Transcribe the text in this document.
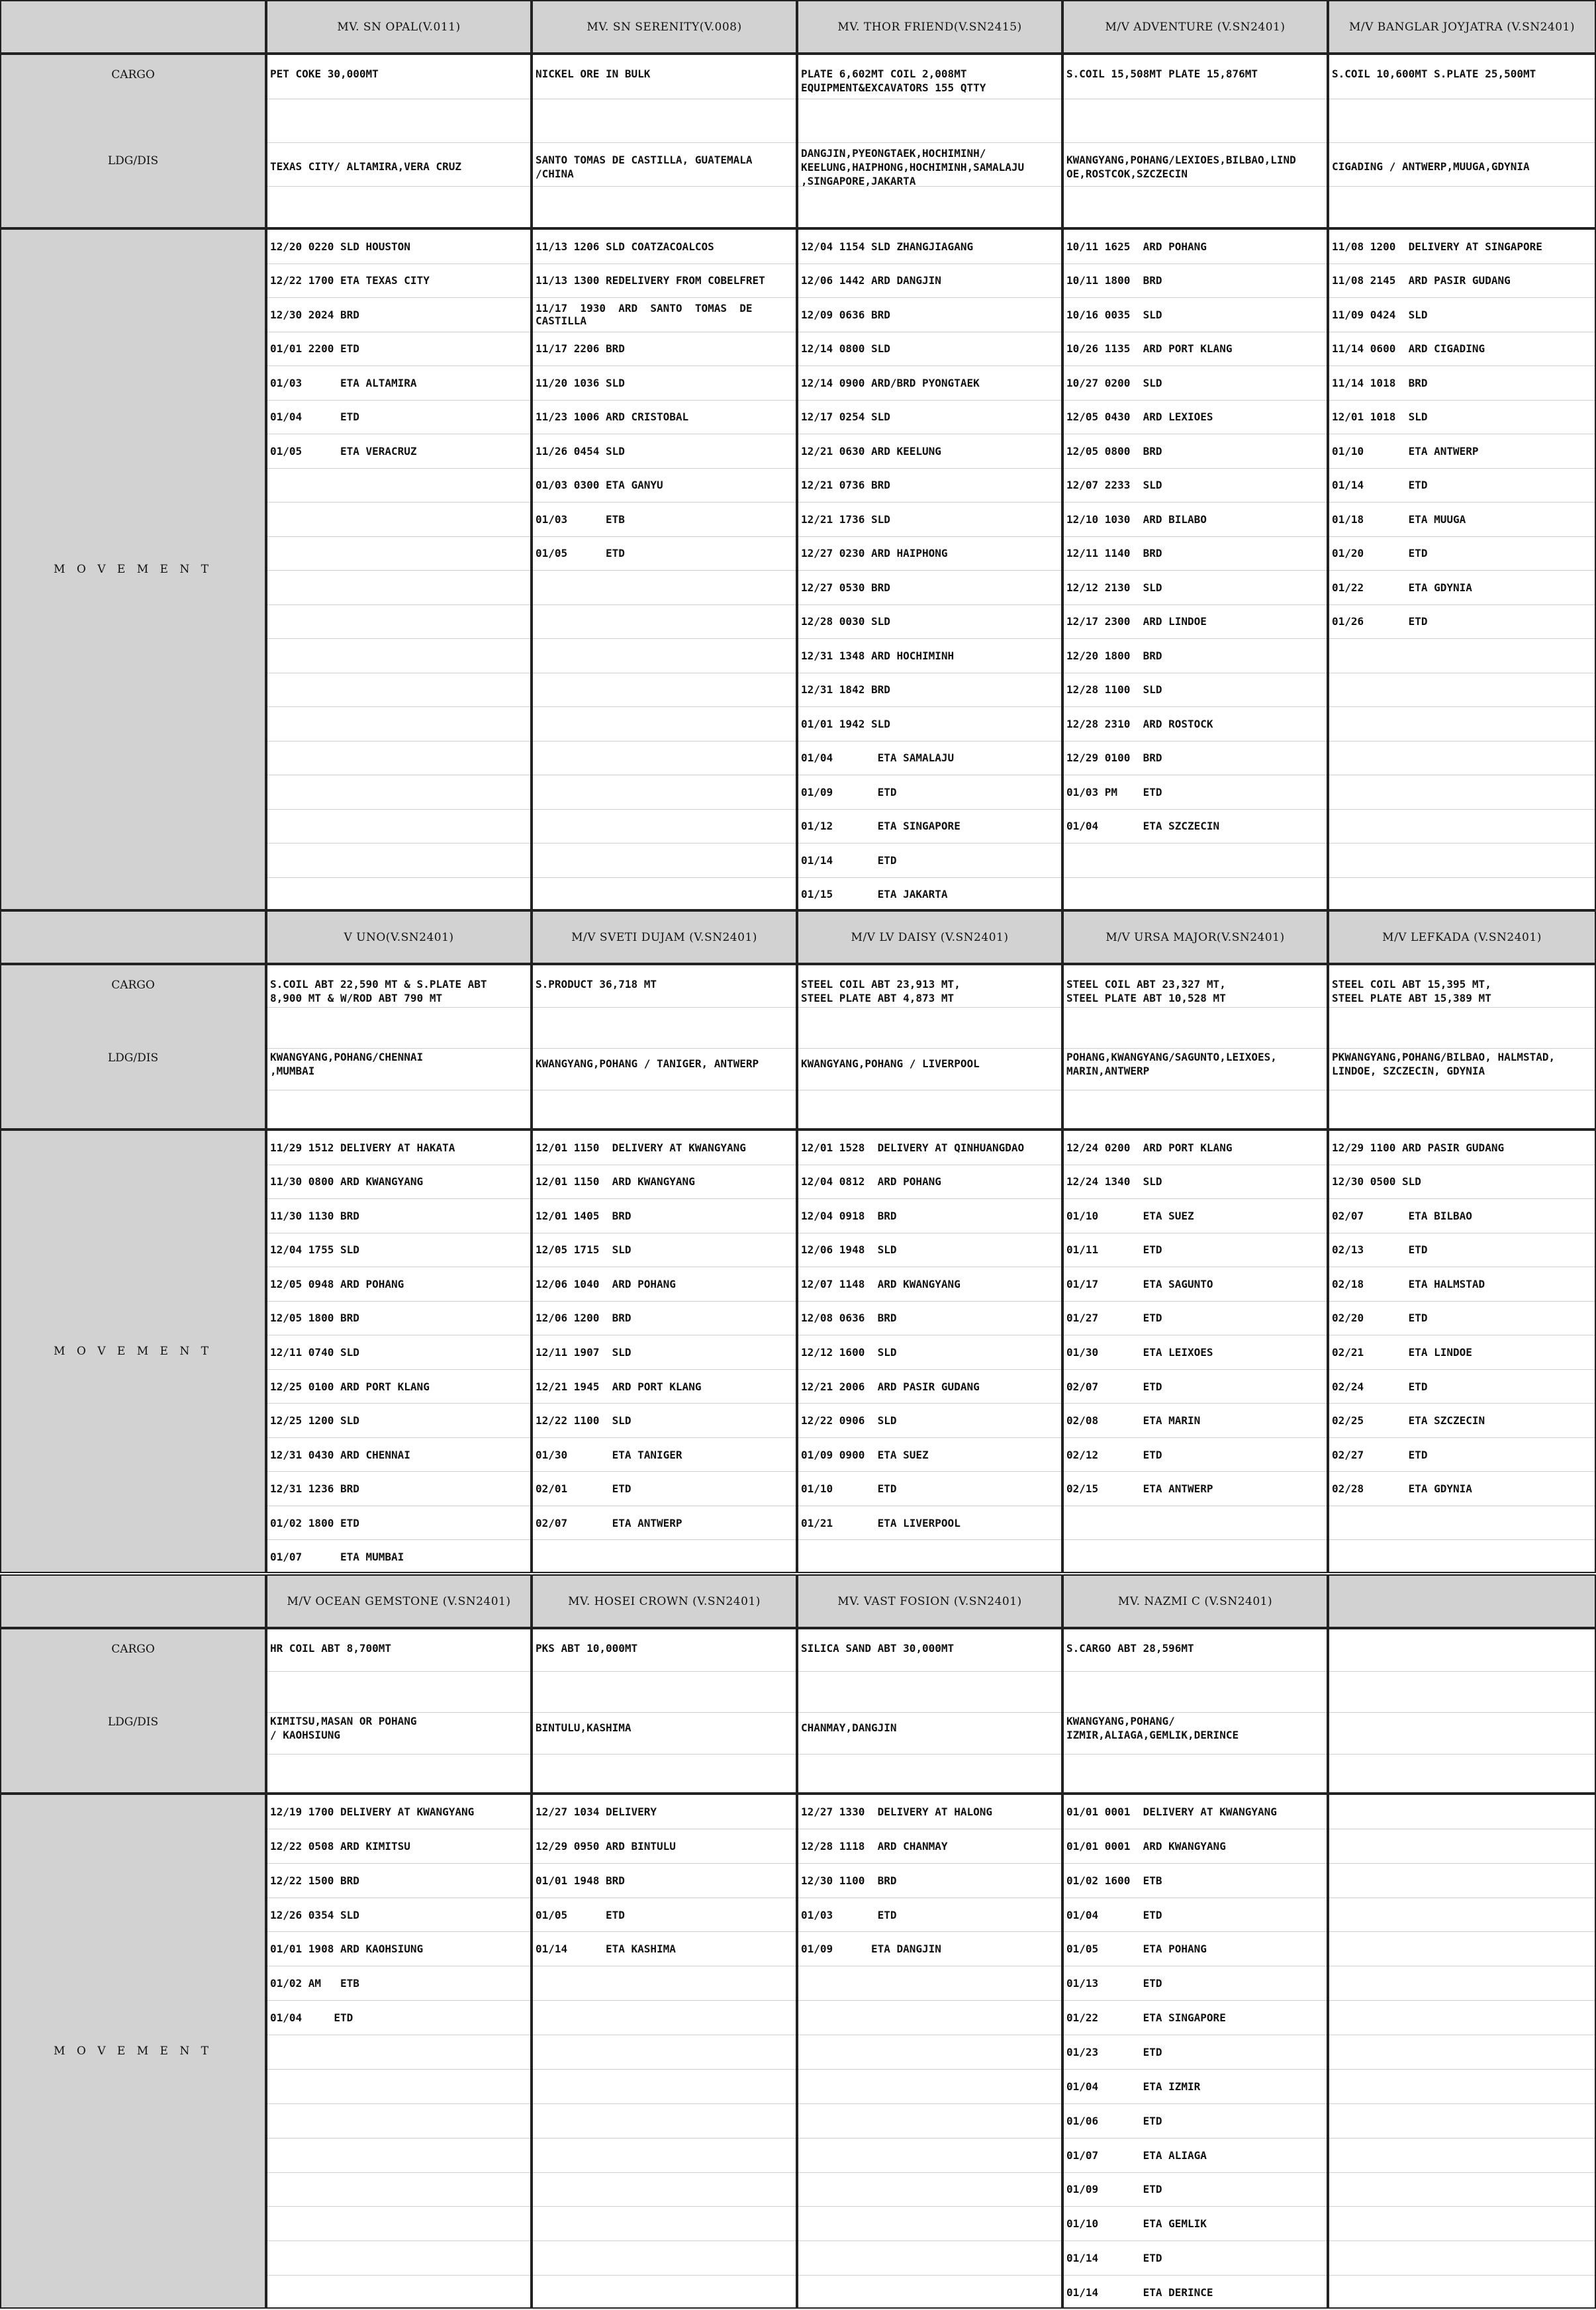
CARGO
LDG/DIS
M O V E M E N T
MV. SN OPAL(V.011)
PET COKE 30,000MT
TEXAS CITY/ ALTAMIRA,VERA CRUZ
12/20 0220 SLD HOUSTON
12/22 1700 ETA TEXAS CITY
12/30 2024 BRD
01/01 2200 ETD
01/03      ETA ALTAMIRA
01/04      ETD
01/05      ETA VERACRUZ
MV. SN SERENITY(V.008)
NICKEL ORE IN BULK
SANTO TOMAS DE CASTILLA, GUATEMALA
/CHINA
11/13 1206 SLD COATZACOALCOS
11/13 1300 REDELIVERY FROM COBELFRET
11/17  1930  ARD  SANTO  TOMAS  DE
CASTILLA
11/17 2206 BRD
11/20 1036 SLD
11/23 1006 ARD CRISTOBAL
11/26 0454 SLD
01/03 0300 ETA GANYU
01/03      ETB
01/05      ETD
MV. THOR FRIEND(V.SN2415)
PLATE 6,602MT COIL 2,008MT
EQUIPMENT&EXCAVATORS 155 QTTY
DANGJIN,PYEONGTAEK,HOCHIMINH/
KEELUNG,HAIPHONG,HOCHIMINH,SAMALAJU
,SINGAPORE,JAKARTA
12/04 1154 SLD ZHANGJIAGANG
12/06 1442 ARD DANGJIN
12/09 0636 BRD
12/14 0800 SLD
12/14 0900 ARD/BRD PYONGTAEK
12/17 0254 SLD
12/21 0630 ARD KEELUNG
12/21 0736 BRD
12/21 1736 SLD
12/27 0230 ARD HAIPHONG
12/27 0530 BRD
12/28 0030 SLD
12/31 1348 ARD HOCHIMINH
12/31 1842 BRD
01/01 1942 SLD
01/04       ETA SAMALAJU
01/09       ETD
01/12       ETA SINGAPORE
01/14       ETD
01/15       ETA JAKARTA
M/V ADVENTURE (V.SN2401)
S.COIL 15,508MT PLATE 15,876MT
KWANGYANG,POHANG/LEXIOES,BILBAO,LIND
OE,ROSTCOK,SZCZECIN
10/11 1625  ARD POHANG
10/11 1800  BRD
10/16 0035  SLD
10/26 1135  ARD PORT KLANG
10/27 0200  SLD
12/05 0430  ARD LEXIOES
12/05 0800  BRD
12/07 2233  SLD
12/10 1030  ARD BILABO
12/11 1140  BRD
12/12 2130  SLD
12/17 2300  ARD LINDOE
12/20 1800  BRD
12/28 1100  SLD
12/28 2310  ARD ROSTOCK
12/29 0100  BRD
01/03 PM    ETD
01/04       ETA SZCZECIN
M/V BANGLAR JOYJATRA (V.SN2401)
S.COIL 10,600MT S.PLATE 25,500MT
CIGADING / ANTWERP,MUUGA,GDYNIA
11/08 1200  DELIVERY AT SINGAPORE
11/08 2145  ARD PASIR GUDANG
11/09 0424  SLD
11/14 0600  ARD CIGADING
11/14 1018  BRD
12/01 1018  SLD
01/10       ETA ANTWERP
01/14       ETD
01/18       ETA MUUGA
01/20       ETD
01/22       ETA GDYNIA
01/26       ETD
CARGO
LDG/DIS
M O V E M E N T
V UNO(V.SN2401)
S.COIL ABT 22,590 MT & S.PLATE ABT
8,900 MT & W/ROD ABT 790 MT
KWANGYANG,POHANG/CHENNAI
,MUMBAI
11/29 1512 DELIVERY AT HAKATA
11/30 0800 ARD KWANGYANG
11/30 1130 BRD
12/04 1755 SLD
12/05 0948 ARD POHANG
12/05 1800 BRD
12/11 0740 SLD
12/25 0100 ARD PORT KLANG
12/25 1200 SLD
12/31 0430 ARD CHENNAI
12/31 1236 BRD
01/02 1800 ETD
01/07      ETA MUMBAI
M/V SVETI DUJAM (V.SN2401)
S.PRODUCT 36,718 MT
KWANGYANG,POHANG / TANIGER, ANTWERP
12/01 1150  DELIVERY AT KWANGYANG
12/01 1150  ARD KWANGYANG
12/01 1405  BRD
12/05 1715  SLD
12/06 1040  ARD POHANG
12/06 1200  BRD
12/11 1907  SLD
12/21 1945  ARD PORT KLANG
12/22 1100  SLD
01/30       ETA TANIGER
02/01       ETD
02/07       ETA ANTWERP
M/V LV DAISY (V.SN2401)
STEEL COIL ABT 23,913 MT,
STEEL PLATE ABT 4,873 MT
KWANGYANG,POHANG / LIVERPOOL
12/01 1528  DELIVERY AT QINHUANGDAO
12/04 0812  ARD POHANG
12/04 0918  BRD
12/06 1948  SLD
12/07 1148  ARD KWANGYANG
12/08 0636  BRD
12/12 1600  SLD
12/21 2006  ARD PASIR GUDANG
12/22 0906  SLD
01/09 0900  ETA SUEZ
01/10       ETD
01/21       ETA LIVERPOOL
M/V URSA MAJOR(V.SN2401)
STEEL COIL ABT 23,327 MT,
STEEL PLATE ABT 10,528 MT
POHANG,KWANGYANG/SAGUNTO,LEIXOES,
MARIN,ANTWERP
12/24 0200  ARD PORT KLANG
12/24 1340  SLD
01/10       ETA SUEZ
01/11       ETD
01/17       ETA SAGUNTO
01/27       ETD
01/30       ETA LEIXOES
02/07       ETD
02/08       ETA MARIN
02/12       ETD
02/15       ETA ANTWERP
M/V LEFKADA (V.SN2401)
STEEL COIL ABT 15,395 MT,
STEEL PLATE ABT 15,389 MT
PKWANGYANG,POHANG/BILBAO, HALMSTAD,
LINDOE, SZCZECIN, GDYNIA
12/29 1100 ARD PASIR GUDANG
12/30 0500 SLD
02/07       ETA BILBAO
02/13       ETD
02/18       ETA HALMSTAD
02/20       ETD
02/21       ETA LINDOE
02/24       ETD
02/25       ETA SZCZECIN
02/27       ETD
02/28       ETA GDYNIA
CARGO
LDG/DIS
M O V E M E N T
M/V OCEAN GEMSTONE (V.SN2401)
HR COIL ABT 8,700MT
KIMITSU,MASAN OR POHANG
/ KAOHSIUNG
12/19 1700 DELIVERY AT KWANGYANG
12/22 0508 ARD KIMITSU
12/22 1500 BRD
12/26 0354 SLD
01/01 1908 ARD KAOHSIUNG
01/02 AM   ETB
01/04     ETD
MV. HOSEI CROWN (V.SN2401)
PKS ABT 10,000MT
BINTULU,KASHIMA
12/27 1034 DELIVERY
12/29 0950 ARD BINTULU
01/01 1948 BRD
01/05      ETD
01/14      ETA KASHIMA
MV. VAST FOSION (V.SN2401)
SILICA SAND ABT 30,000MT
CHANMAY,DANGJIN
12/27 1330  DELIVERY AT HALONG
12/28 1118  ARD CHANMAY
12/30 1100  BRD
01/03       ETD
01/09      ETA DANGJIN
MV. NAZMI C (V.SN2401)
S.CARGO ABT 28,596MT
KWANGYANG,POHANG/
IZMIR,ALIAGA,GEMLIK,DERINCE
01/01 0001  DELIVERY AT KWANGYANG
01/01 0001  ARD KWANGYANG
01/02 1600  ETB
01/04       ETD
01/05       ETA POHANG
01/13       ETD
01/22       ETA SINGAPORE
01/23       ETD
01/04       ETA IZMIR
01/06       ETD
01/07       ETA ALIAGA
01/09       ETD
01/10       ETA GEMLIK
01/14       ETD
01/14       ETA DERINCE
